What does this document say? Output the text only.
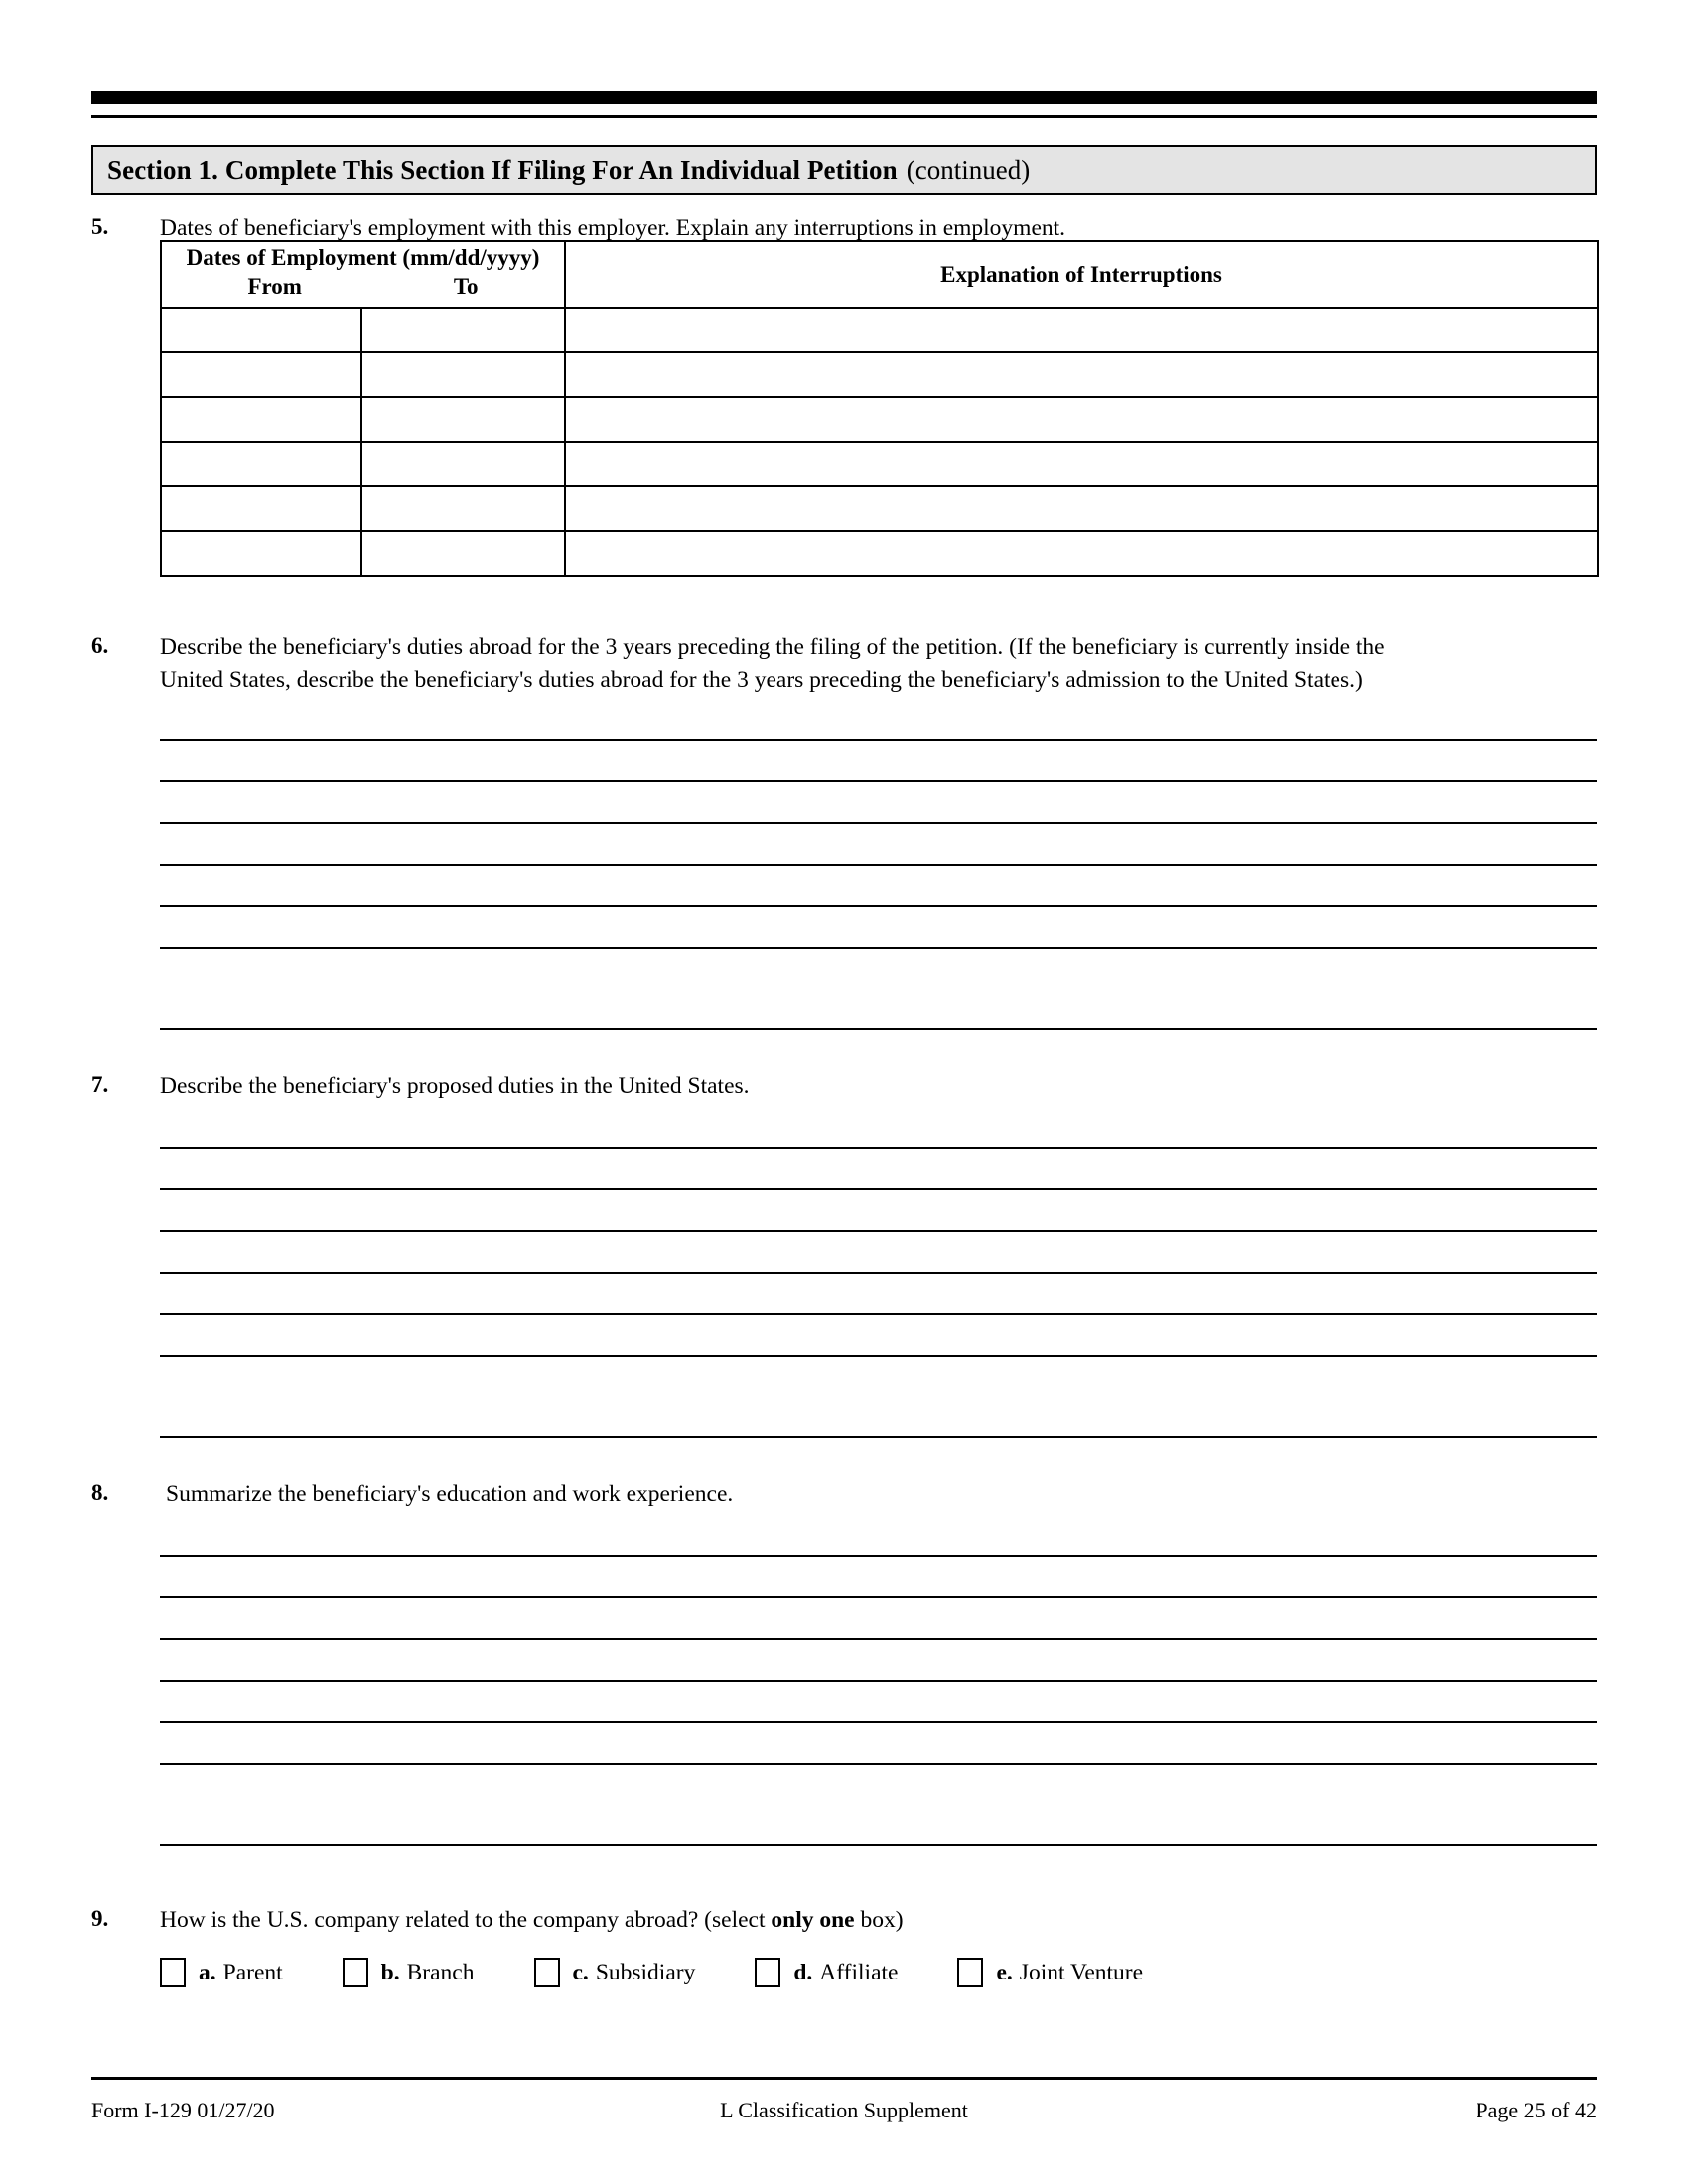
Section 1. Complete This Section If Filing For An Individual Petition (continued)
5.	Dates of beneficiary's employment with this employer. Explain any interruptions in employment.
Dates of Employment (mm/dd/yyyy)
From To		Explanation of Interruptions

6.	Describe the beneficiary's duties abroad for the 3 years preceding the filing of the petition. (If the beneficiary is currently inside the
United States, describe the beneficiary's duties abroad for the 3 years preceding the beneficiary's admission to the United States.)
7.	Describe the beneficiary's proposed duties in the United States.
8.	Summarize the beneficiary's education and work experience.
9.	How is the U.S. company related to the company abroad? (select only one box)
a. Parent	b. Branch	c. Subsidiary	d. Affiliate	e. Joint Venture
Form I-129 01/27/20	L Classification Supplement	Page 25 of 42
